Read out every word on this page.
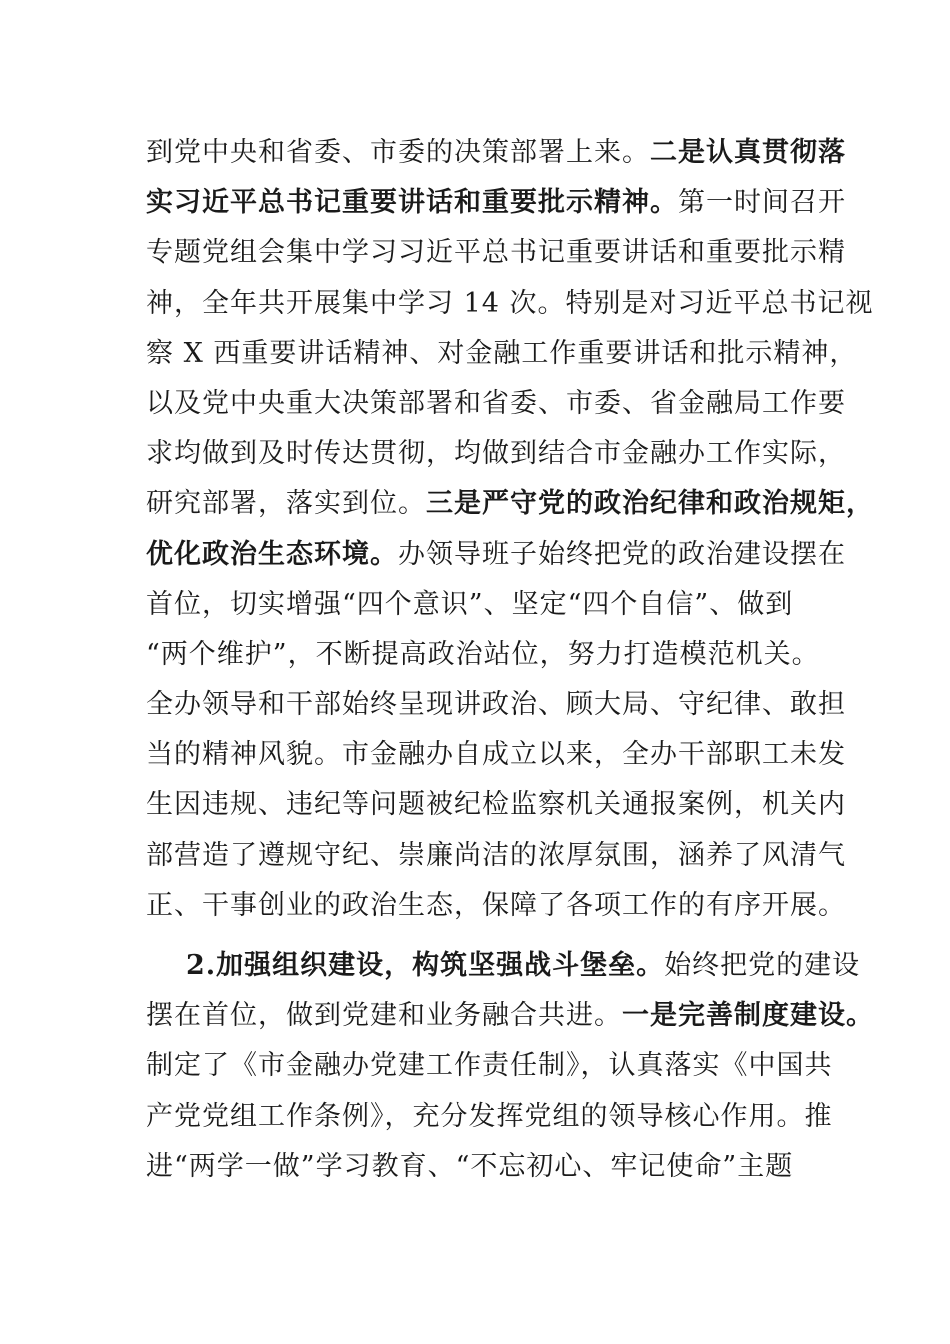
到党中央和省委、市委的决策部署上来。二是认真贯彻落
实习近平总书记重要讲话和重要批示精神。第一时间召开
专题党组会集中学习习近平总书记重要讲话和重要批示精
神，全年共开展集中学习 14 次。特别是对习近平总书记视
察 X 西重要讲话精神、对金融工作重要讲话和批示精神，
以及党中央重大决策部署和省委、市委、省金融局工作要
求均做到及时传达贯彻，均做到结合市金融办工作实际，
研究部署，落实到位。三是严守党的政治纪律和政治规矩，
优化政治生态环境。办领导班子始终把党的政治建设摆在
首位，切实增强“四个意识”、坚定“四个自信”、做到
“两个维护”，不断提高政治站位，努力打造模范机关。
全办领导和干部始终呈现讲政治、顾大局、守纪律、敢担
当的精神风貌。市金融办自成立以来，全办干部职工未发
生因违规、违纪等问题被纪检监察机关通报案例，机关内
部营造了遵规守纪、崇廉尚洁的浓厚氛围，涵养了风清气
正、干事创业的政治生态，保障了各项工作的有序开展。
2.加强组织建设，构筑坚强战斗堡垒。始终把党的建设
摆在首位，做到党建和业务融合共进。一是完善制度建设。
制定了《市金融办党建工作责任制》，认真落实《中国共
产党党组工作条例》，充分发挥党组的领导核心作用。推
进“两学一做”学习教育、“不忘初心、牢记使命”主题
